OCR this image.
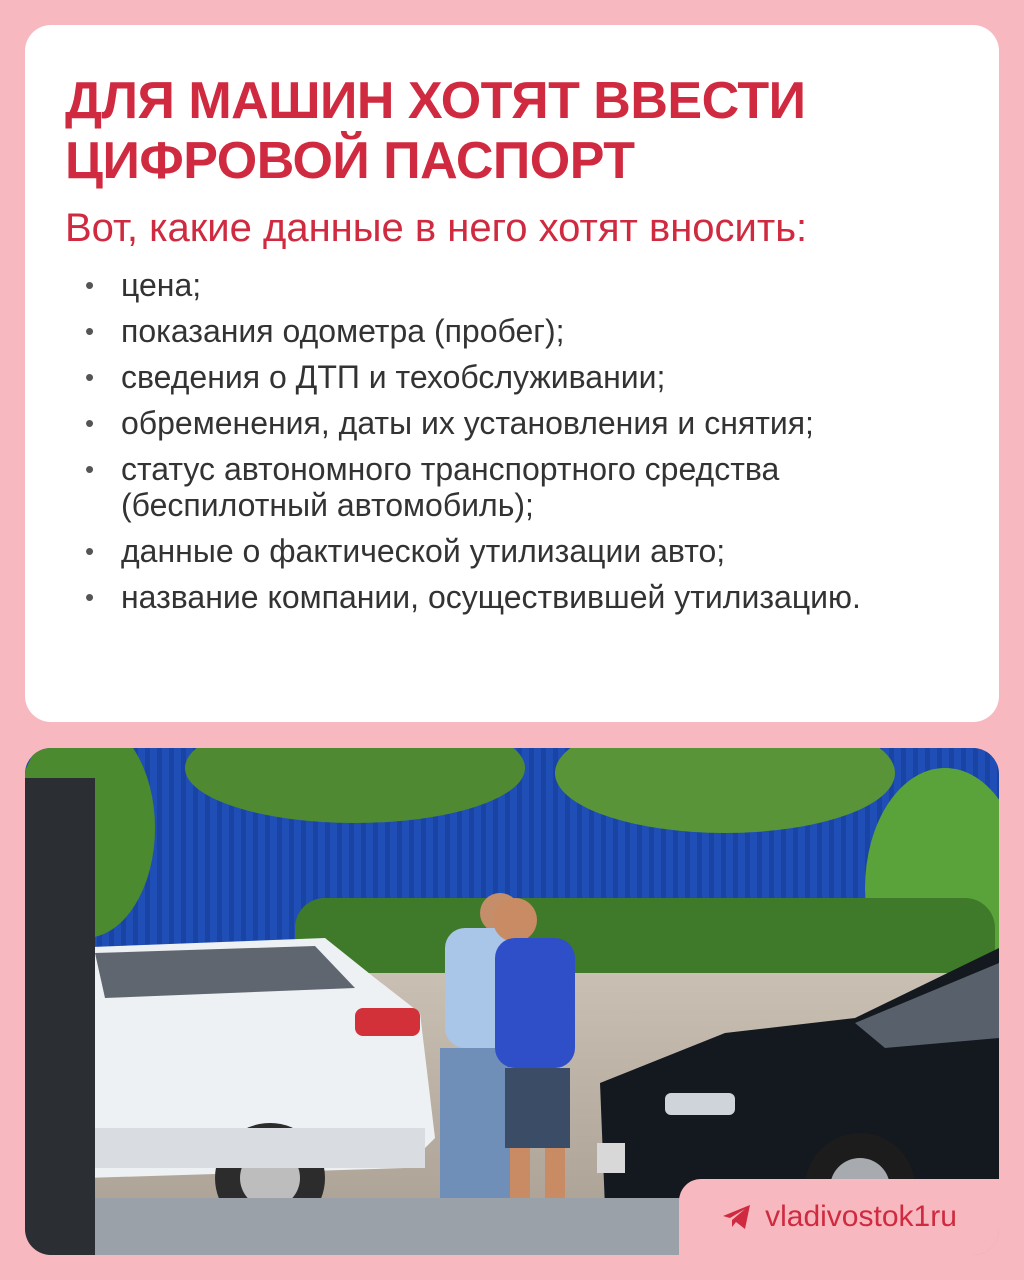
ДЛЯ МАШИН ХОТЯТ ВВЕСТИ
ЦИФРОВОЙ ПАСПОРТ

Вот, какие данные в него хотят вносить:

• цена;
• показания одометра (пробег);
• сведения о ДТП и техобслуживании;
• обременения, даты их установления и снятия;
• статус автономного транспортного средства (беспилотный автомобиль);
• данные о фактической утилизации авто;
• название компании, осуществившей утилизацию.
vladivostok1ru
